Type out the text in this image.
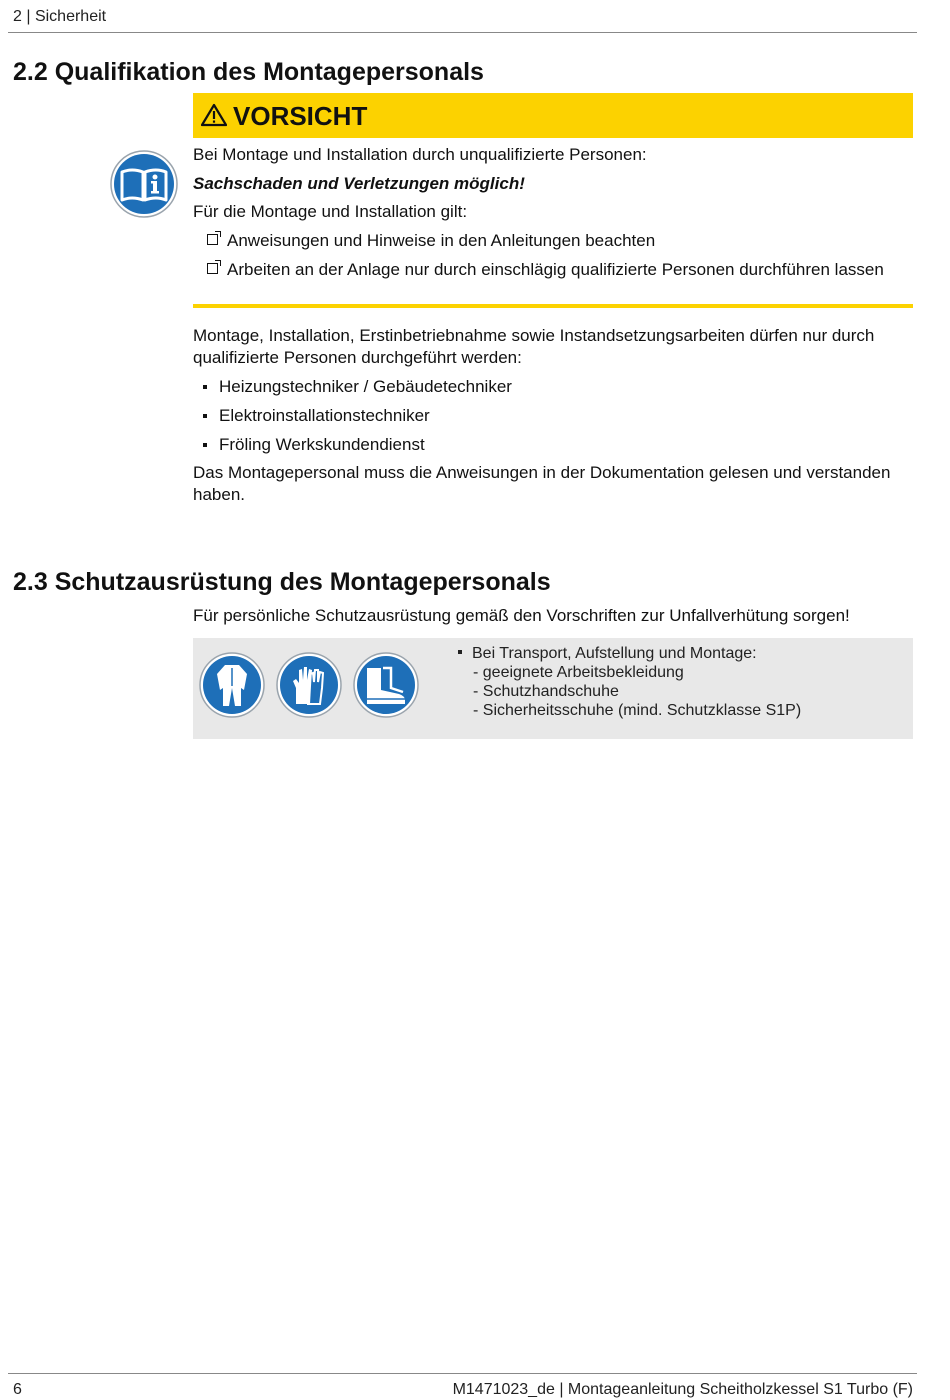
2 | Sicherheit
2.2 Qualifikation des Montagepersonals
VORSICHT
Bei Montage und Installation durch unqualifizierte Personen:
Sachschaden und Verletzungen möglich!
Für die Montage und Installation gilt:
Anweisungen und Hinweise in den Anleitungen beachten
Arbeiten an der Anlage nur durch einschlägig qualifizierte Personen durchführen lassen
Montage, Installation, Erstinbetriebnahme sowie Instandsetzungsarbeiten dürfen nur durch qualifizierte Personen durchgeführt werden:
Heizungstechniker / Gebäudetechniker
Elektroinstallationstechniker
Fröling Werkskundendienst
Das Montagepersonal muss die Anweisungen in der Dokumentation gelesen und verstanden haben.
2.3 Schutzausrüstung des Montagepersonals
Für persönliche Schutzausrüstung gemäß den Vorschriften zur Unfallverhütung sorgen!
Bei Transport, Aufstellung und Montage:
- geeignete Arbeitsbekleidung
- Schutzhandschuhe
- Sicherheitsschuhe (mind. Schutzklasse S1P)
6	M1471023_de | Montageanleitung Scheitholzkessel S1 Turbo (F)
